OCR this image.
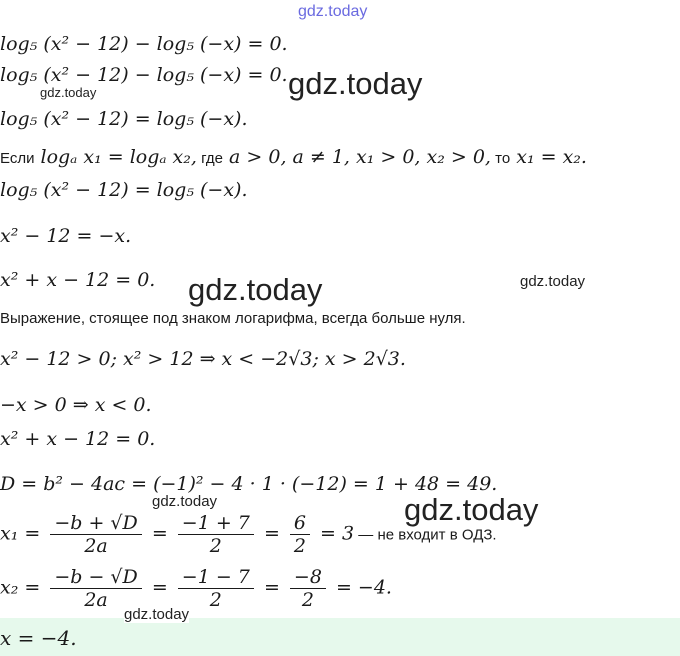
gdz.today
log₅ (x² − 12) − log₅ (−x) = 0.
log₅ (x² − 12) − log₅ (−x) = 0.
gdz.today	gdz.today
log₅ (x² − 12) = log₅ (−x).
Если logₐ x₁ = logₐ x₂, где a > 0, a ≠ 1, x₁ > 0, x₂ > 0, то x₁ = x₂.
log₅ (x² − 12) = log₅ (−x).
x² − 12 = −x.
x² + x − 12 = 0. gdz.today	gdz.today
Выражение, стоящее под знаком логарифма, всегда больше нуля.
x² − 12 > 0; x² > 12 ⇒ x < −2√3; x > 2√3.
−x > 0 ⇒ x < 0.
x² + x − 12 = 0.
D = b² − 4ac = (−1)² − 4 · 1 · (−12) = 1 + 48 = 49.
gdz.today	gdz.today
$x_1 = \frac{-b + √D}{2a} = \frac{-1 + 7}{2} = \frac{6}{2} = 3$ — не входит в ОДЗ.
$x_2 = \frac{-b - √D}{2a} = \frac{-1 - 7}{2} = \frac{-8}{2} = -4$.
gdz.today
x = −4.
